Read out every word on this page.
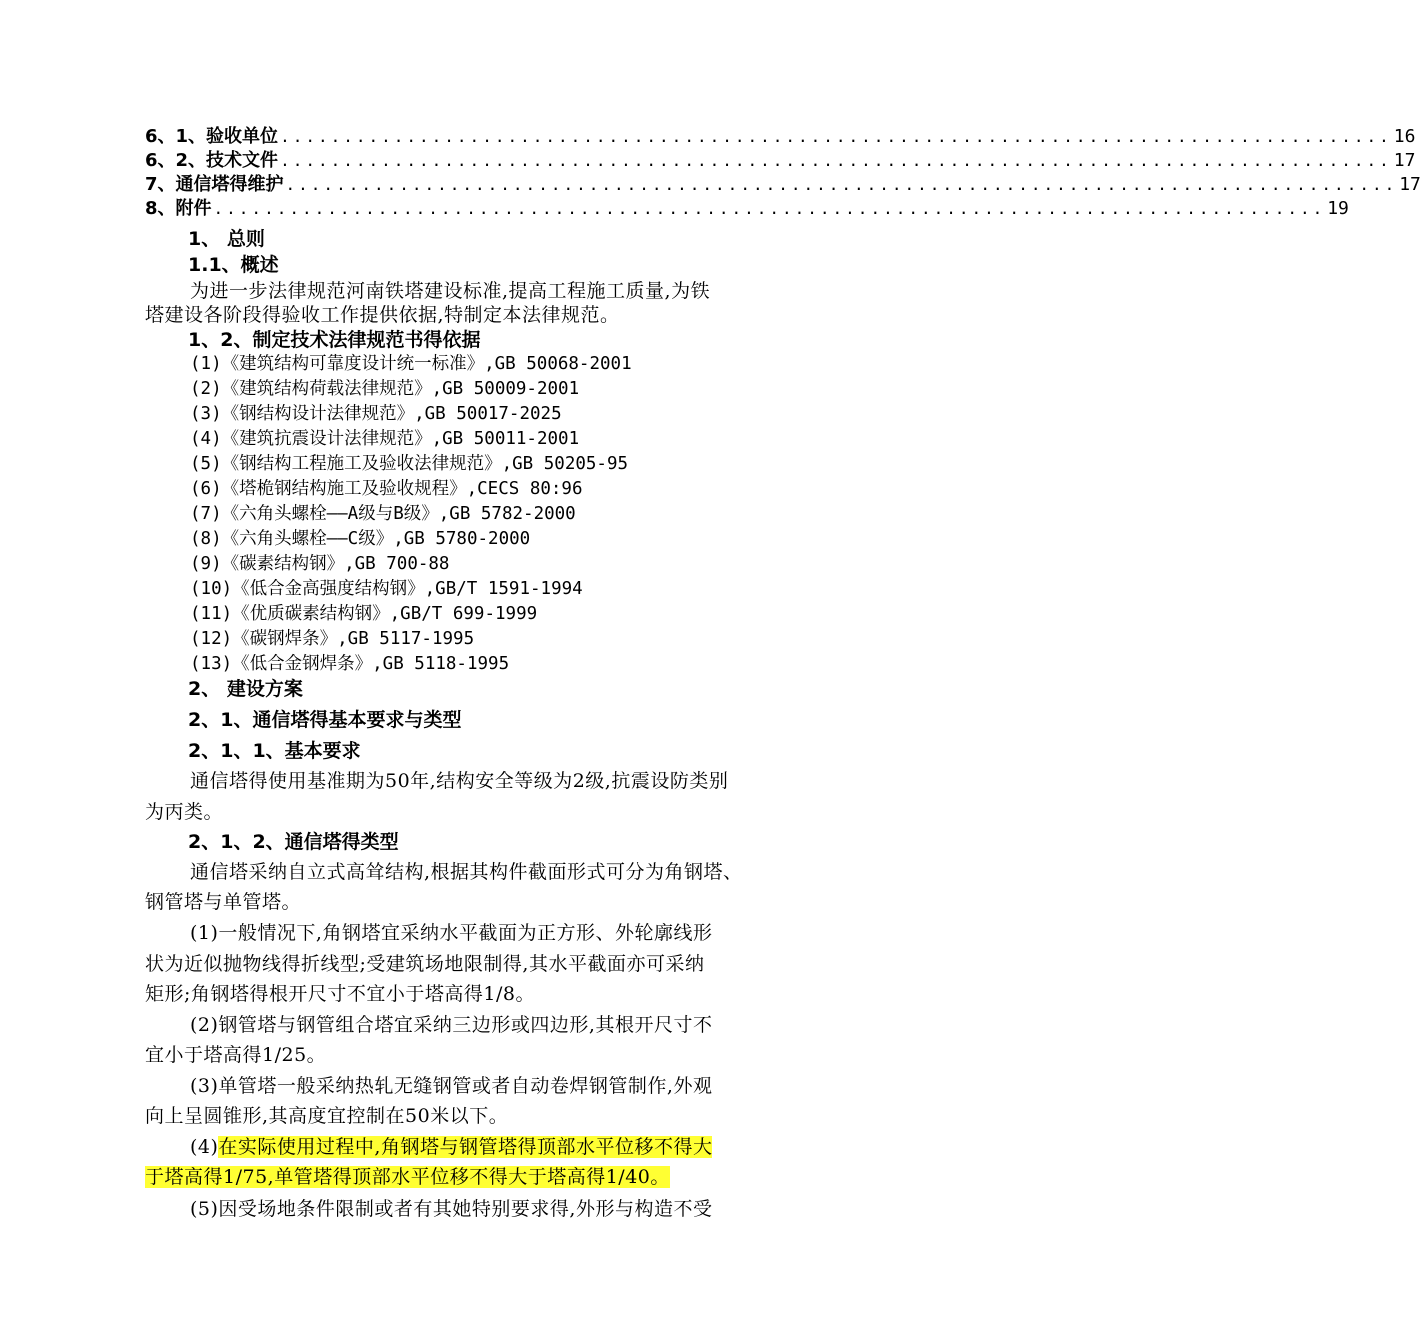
6、1、验收单位 ........................................................................................ 16
6、2、技术文件 ........................................................................................ 17
7、通信塔得维护 ........................................................................................ 17
8、附件 ........................................................................................ 19
1、 总则
1.1、概述
为进一步法律规范河南铁塔建设标准,提高工程施工质量,为铁
塔建设各阶段得验收工作提供依据,特制定本法律规范。
1、2、制定技术法律规范书得依据
(1)《建筑结构可靠度设计统一标准》,GB 50068-2001
(2)《建筑结构荷载法律规范》,GB 50009-2001
(3)《钢结构设计法律规范》,GB 50017-2025
(4)《建筑抗震设计法律规范》,GB 50011-2001
(5)《钢结构工程施工及验收法律规范》,GB 50205-95
(6)《塔桅钢结构施工及验收规程》,CECS 80:96
(7)《六角头螺栓——A级与B级》,GB 5782-2000
(8)《六角头螺栓——C级》,GB 5780-2000
(9)《碳素结构钢》,GB 700-88
(10)《低合金高强度结构钢》,GB/T 1591-1994
(11)《优质碳素结构钢》,GB/T 699-1999
(12)《碳钢焊条》,GB 5117-1995
(13)《低合金钢焊条》,GB 5118-1995
2、 建设方案
2、1、通信塔得基本要求与类型
2、1、1、基本要求
通信塔得使用基准期为50年,结构安全等级为2级,抗震设防类别
为丙类。
2、1、2、通信塔得类型
通信塔采纳自立式高耸结构,根据其构件截面形式可分为角钢塔、
钢管塔与单管塔。
(1)一般情况下,角钢塔宜采纳水平截面为正方形、外轮廓线形
状为近似抛物线得折线型;受建筑场地限制得,其水平截面亦可采纳
矩形;角钢塔得根开尺寸不宜小于塔高得1/8。
(2)钢管塔与钢管组合塔宜采纳三边形或四边形,其根开尺寸不
宜小于塔高得1/25。
(3)单管塔一般采纳热轧无缝钢管或者自动卷焊钢管制作,外观
向上呈圆锥形,其高度宜控制在50米以下。
(4)在实际使用过程中,角钢塔与钢管塔得顶部水平位移不得大
于塔高得1/75,单管塔得顶部水平位移不得大于塔高得1/40。
(5)因受场地条件限制或者有其她特别要求得,外形与构造不受
